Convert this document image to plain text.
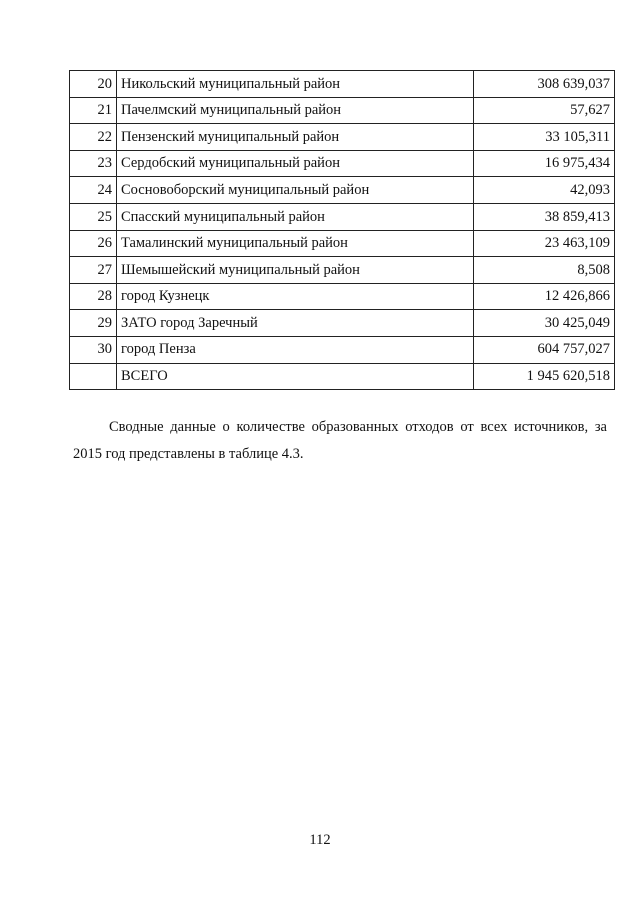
20	Никольский муниципальный район	308 639,037
21	Пачелмский муниципальный район	57,627
22	Пензенский муниципальный район	33 105,311
23	Сердобский муниципальный район	16 975,434
24	Сосновоборский муниципальный район	42,093
25	Спасский муниципальный район	38 859,413
26	Тамалинский муниципальный район	23 463,109
27	Шемышейский муниципальный район	8,508
28	город Кузнецк	12 426,866
29	ЗАТО город Заречный	30 425,049
30	город Пенза	604 757,027
	ВСЕГО	1 945 620,518

Сводные данные о количестве образованных отходов от всех источников, за 2015 год представлены в таблице 4.3.

112
